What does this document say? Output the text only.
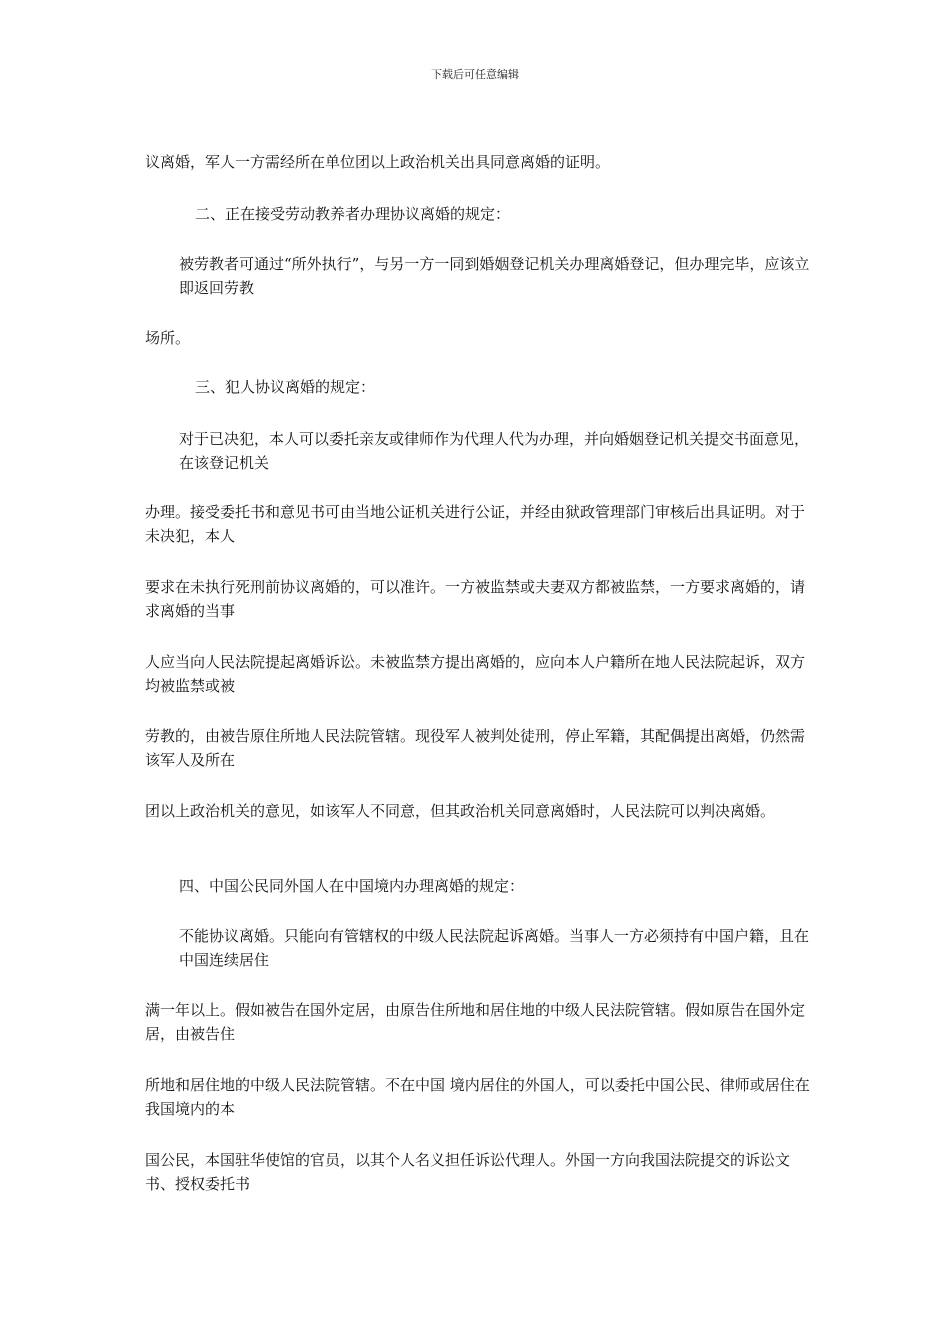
下载后可任意编辑

议离婚，军人一方需经所在单位团以上政治机关出具同意离婚的证明。

二、正在接受劳动教养者办理协议离婚的规定：

被劳教者可通过“所外执行”，与另一方一同到婚姻登记机关办理离婚登记，但办理完毕，应该立即返回劳教

场所。

三、犯人协议离婚的规定：

对于已决犯，本人可以委托亲友或律师作为代理人代为办理，并向婚姻登记机关提交书面意见，在该登记机关

办理。接受委托书和意见书可由当地公证机关进行公证，并经由狱政管理部门审核后出具证明。对于未决犯，本人

要求在未执行死刑前协议离婚的，可以准许。一方被监禁或夫妻双方都被监禁，一方要求离婚的，请求离婚的当事

人应当向人民法院提起离婚诉讼。未被监禁方提出离婚的，应向本人户籍所在地人民法院起诉，双方均被监禁或被

劳教的，由被告原住所地人民法院管辖。现役军人被判处徒刑，停止军籍，其配偶提出离婚，仍然需该军人及所在

团以上政治机关的意见，如该军人不同意，但其政治机关同意离婚时，人民法院可以判决离婚。

四、中国公民同外国人在中国境内办理离婚的规定：

不能协议离婚。只能向有管辖权的中级人民法院起诉离婚。当事人一方必须持有中国户籍，且在中国连续居住

满一年以上。假如被告在国外定居，由原告住所地和居住地的中级人民法院管辖。假如原告在国外定居，由被告住

所地和居住地的中级人民法院管辖。不在中国 境内居住的外国人，可以委托中国公民、律师或居住在我国境内的本

国公民，本国驻华使馆的官员，以其个人名义担任诉讼代理人。外国一方向我国法院提交的诉讼文书、授权委托书
